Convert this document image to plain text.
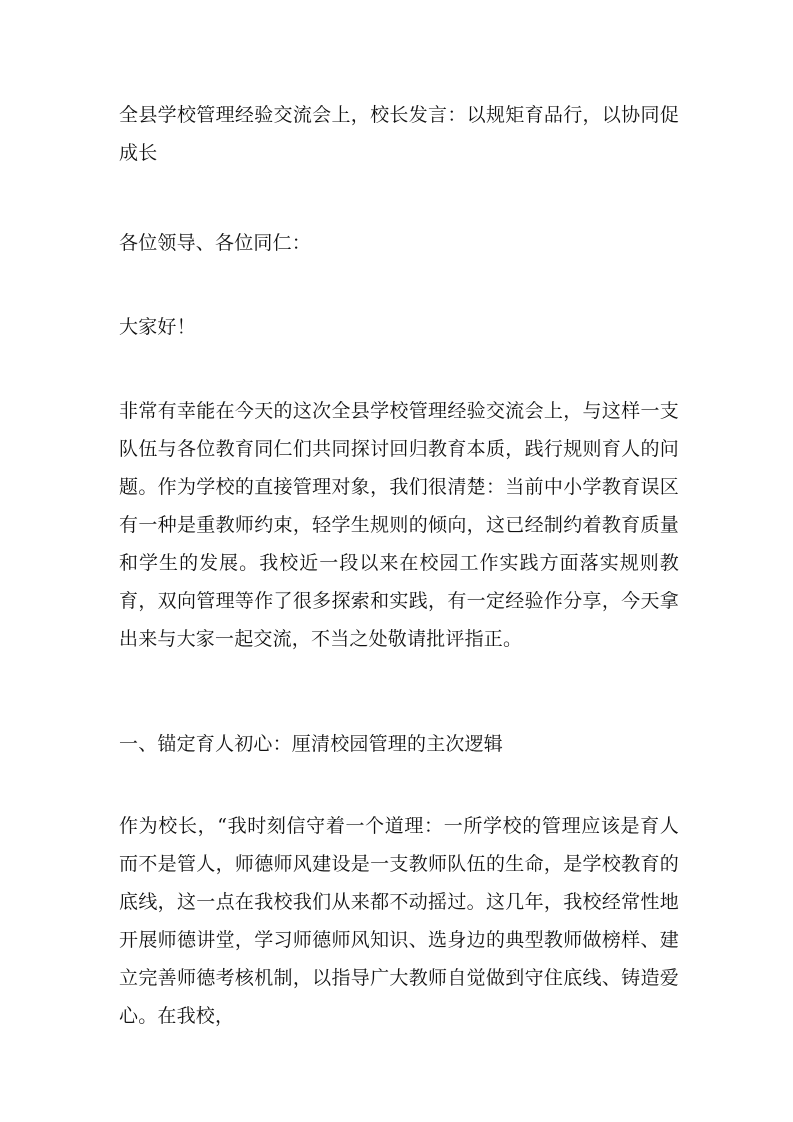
全县学校管理经验交流会上，校长发言：以规矩育品行，以协同促成长

各位领导、各位同仁：

大家好！

非常有幸能在今天的这次全县学校管理经验交流会上，与这样一支队伍与各位教育同仁们共同探讨回归教育本质，践行规则育人的问题。作为学校的直接管理对象，我们很清楚：当前中小学教育误区有一种是重教师约束，轻学生规则的倾向，这已经制约着教育质量和学生的发展。我校近一段以来在校园工作实践方面落实规则教育，双向管理等作了很多探索和实践，有一定经验作分享，今天拿出来与大家一起交流，不当之处敬请批评指正。

一、锚定育人初心：厘清校园管理的主次逻辑

作为校长，“我时刻信守着一个道理：一所学校的管理应该是育人而不是管人，师德师风建设是一支教师队伍的生命，是学校教育的底线，这一点在我校我们从来都不动摇过。这几年，我校经常性地开展师德讲堂，学习师德师风知识、选身边的典型教师做榜样、建立完善师德考核机制，以指导广大教师自觉做到守住底线、铸造爱心。在我校，
